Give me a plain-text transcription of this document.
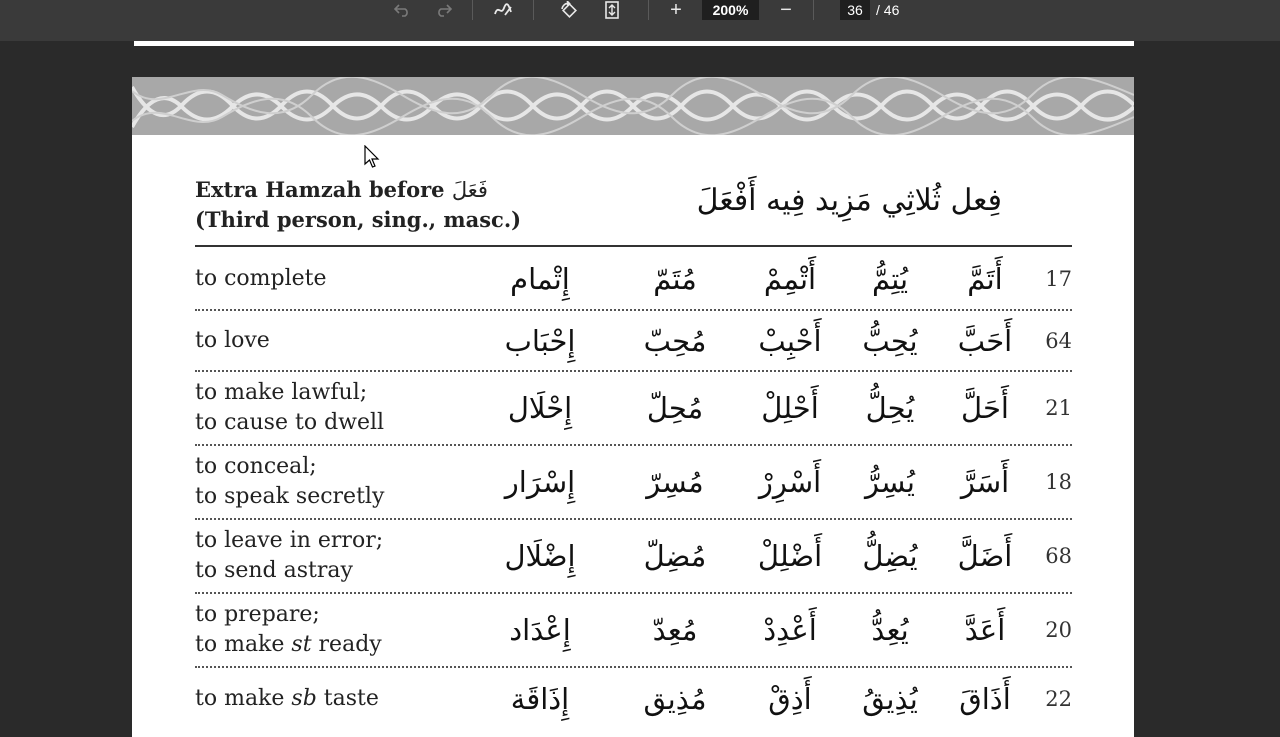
+	200%	−	36 / 46
Extra Hamzah before فَعَلَ
(Third person, sing., masc.)
فِعل ثُلاثِي مَزِيد فِيه أَفْعَلَ
to complete	إِتْمام	مُتَمّ	أَتْمِمْ	يُتِمُّ	أَتَمَّ	17
to love	إِحْبَاب	مُحِبّ	أَحْبِبْ	يُحِبُّ	أَحَبَّ	64
to make lawful;
to cause to dwell	إِحْلَال	مُحِلّ	أَحْلِلْ	يُحِلُّ	أَحَلَّ	21
to conceal;
to speak secretly	إِسْرَار	مُسِرّ	أَسْرِرْ	يُسِرُّ	أَسَرَّ	18
to leave in error;
to send astray	إِضْلَال	مُضِلّ	أَضْلِلْ	يُضِلُّ	أَضَلَّ	68
to prepare;
to make st ready	إِعْدَاد	مُعِدّ	أَعْدِدْ	يُعِدُّ	أَعَدَّ	20
to make sb taste	إِذَاقَة	مُذِيق	أَذِقْ	يُذِيقُ	أَذَاقَ	22
